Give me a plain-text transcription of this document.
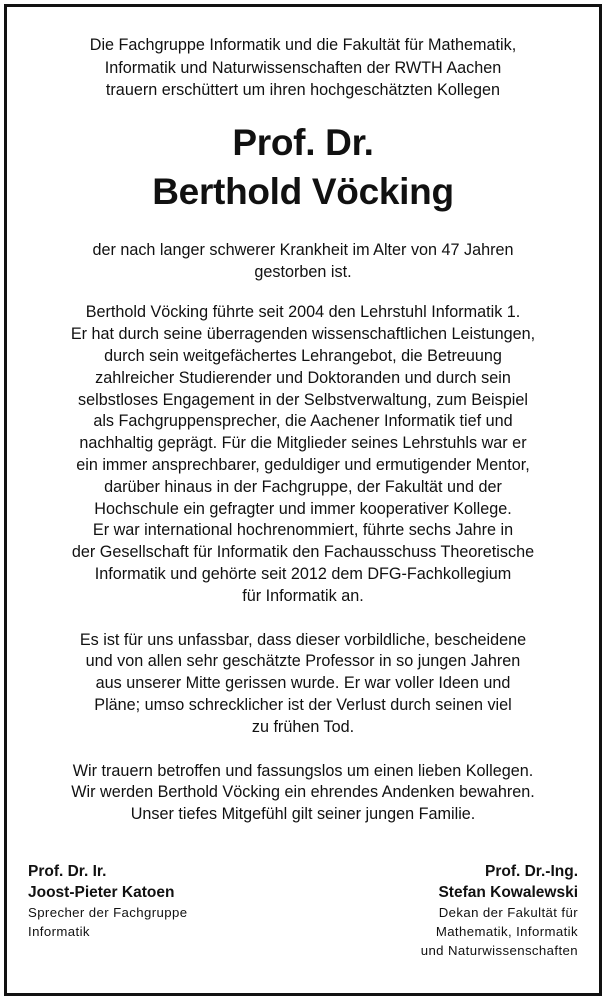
Die Fachgruppe Informatik und die Fakultät für Mathematik,
Informatik und Naturwissenschaften der RWTH Aachen
trauern erschüttert um ihren hochgeschätzten Kollegen

Prof. Dr.
Berthold Vöcking

der nach langer schwerer Krankheit im Alter von 47 Jahren
gestorben ist.

Berthold Vöcking führte seit 2004 den Lehrstuhl Informatik 1.
Er hat durch seine überragenden wissenschaftlichen Leistungen,
durch sein weitgefächertes Lehrangebot, die Betreuung
zahlreicher Studierender und Doktoranden und durch sein
selbstloses Engagement in der Selbstverwaltung, zum Beispiel
als Fachgruppensprecher, die Aachener Informatik tief und
nachhaltig geprägt. Für die Mitglieder seines Lehrstuhls war er
ein immer ansprechbarer, geduldiger und ermutigender Mentor,
darüber hinaus in der Fachgruppe, der Fakultät und der
Hochschule ein gefragter und immer kooperativer Kollege.
Er war international hochrenommiert, führte sechs Jahre in
der Gesellschaft für Informatik den Fachausschuss Theoretische
Informatik und gehörte seit 2012 dem DFG-Fachkollegium
für Informatik an.

Es ist für uns unfassbar, dass dieser vorbildliche, bescheidene
und von allen sehr geschätzte Professor in so jungen Jahren
aus unserer Mitte gerissen wurde. Er war voller Ideen und
Pläne; umso schrecklicher ist der Verlust durch seinen viel
zu frühen Tod.

Wir trauern betroffen und fassungslos um einen lieben Kollegen.
Wir werden Berthold Vöcking ein ehrendes Andenken bewahren.
Unser tiefes Mitgefühl gilt seiner jungen Familie.

Prof. Dr. Ir.
Joost-Pieter Katoen
Sprecher der Fachgruppe
Informatik
Prof. Dr.-Ing.
Stefan Kowalewski
Dekan der Fakultät für
Mathematik, Informatik
und Naturwissenschaften
